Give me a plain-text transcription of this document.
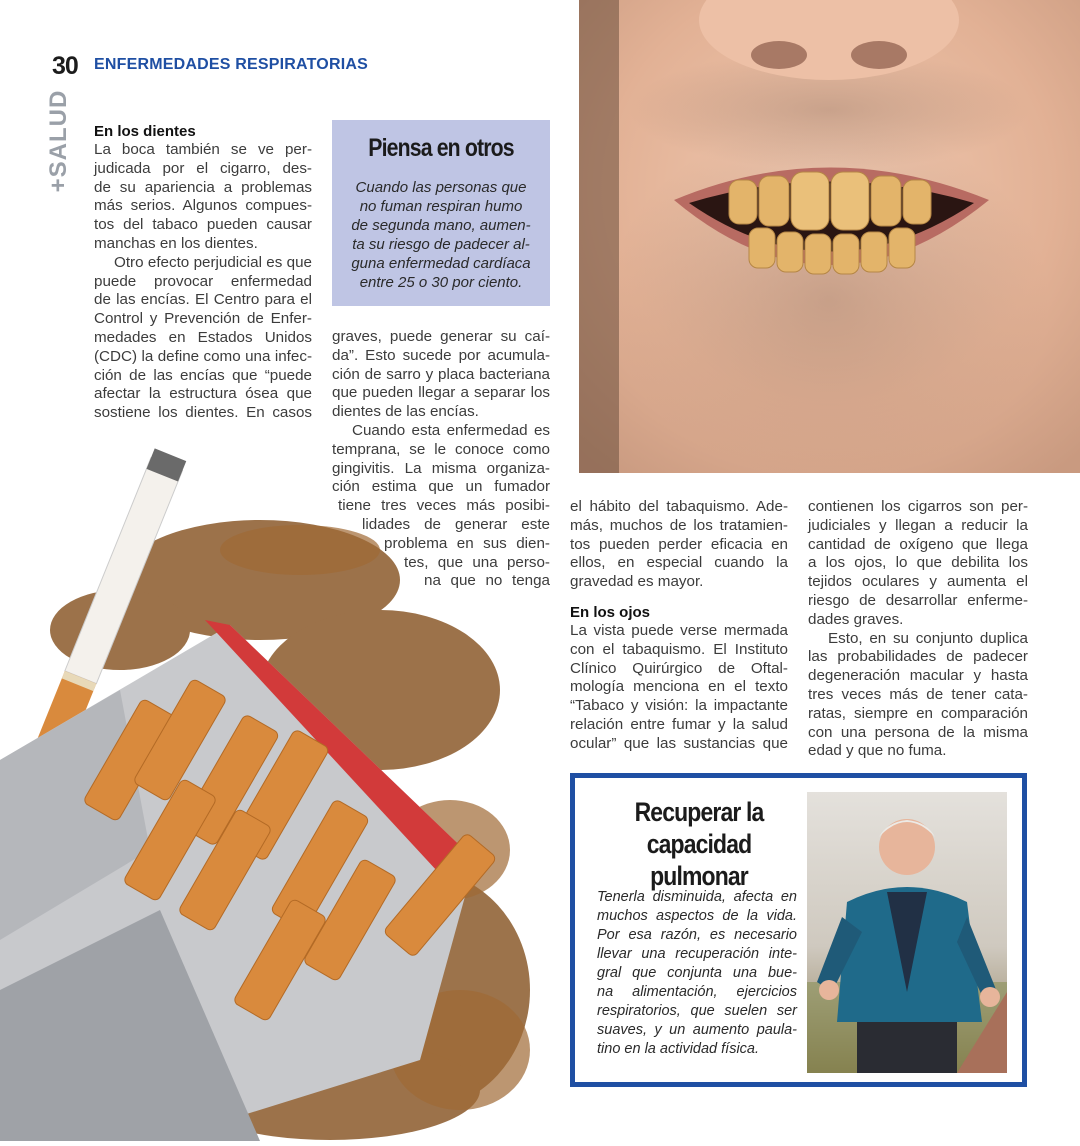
30 ENFERMEDADES RESPIRATORIAS
+SALUD En los dientes
La boca también se ve per-
judicada por el cigarro, des-
de su apariencia a problemas
más serios. Algunos compues-
tos del tabaco pueden causar
manchas en los dientes.
Otro efecto perjudicial es que
puede provocar enfermedad
de las encías. El Centro para el
Control y Prevención de Enfer-
medades en Estados Unidos
(CDC) la define como una infec-
ción de las encías que “puede
afectar la estructura ósea que
sostiene los dientes. En casos
Piensa en otros
Cuando las personas que
no fuman respiran humo
de segunda mano, aumen-
ta su riesgo de padecer al-
guna enfermedad cardíaca
entre 25 o 30 por ciento.
graves, puede generar su caí-
da”. Esto sucede por acumula-
ción de sarro y placa bacteriana
que pueden llegar a separar los
dientes de las encías.
Cuando esta enfermedad es
temprana, se le conoce como
gingivitis. La misma organiza-
ción estima que un fumador
tiene tres veces más posibi-
lidades de generar este
problema en sus dien-
tes, que una perso-
na que no tenga
el hábito del tabaquismo. Ade-
más, muchos de los tratamien-
tos pueden perder eficacia en
ellos, en especial cuando la
gravedad es mayor.
En los ojos
La vista puede verse mermada
con el tabaquismo. El Instituto
Clínico Quirúrgico de Oftal-
mología menciona en el texto
“Tabaco y visión: la impactante
relación entre fumar y la salud
ocular” que las sustancias que
contienen los cigarros son per-
judiciales y llegan a reducir la
cantidad de oxígeno que llega
a los ojos, lo que debilita los
tejidos oculares y aumenta el
riesgo de desarrollar enferme-
dades graves.
Esto, en su conjunto duplica
las probabilidades de padecer
degeneración macular y hasta
tres veces más de tener cata-
ratas, siempre en comparación
con una persona de la misma
edad y que no fuma.
Recuperar la capacidad
pulmonar
Tenerla disminuida, afecta en
muchos aspectos de la vida.
Por esa razón, es necesario
llevar una recuperación inte-
gral que conjunta una bue-
na alimentación, ejercicios
respiratorios, que suelen ser
suaves, y un aumento paula-
tino en la actividad física.
